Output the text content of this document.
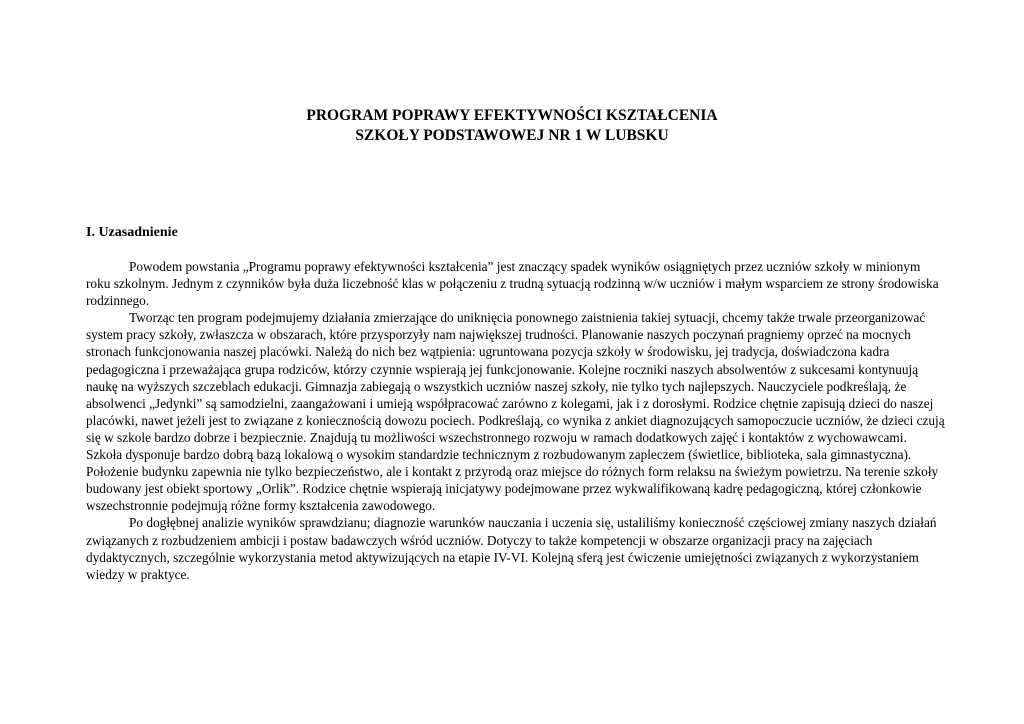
PROGRAM POPRAWY EFEKTYWNOŚCI KSZTAŁCENIA
SZKOŁY PODSTAWOWEJ NR 1 W LUBSKU
I. Uzasadnienie

Powodem powstania „Programu poprawy efektywności kształcenia” jest znaczący spadek wyników osiągniętych przez uczniów szkoły w minionym roku szkolnym. Jednym z czynników była duża liczebność klas w połączeniu z trudną sytuacją rodzinną w/w uczniów i małym wsparciem ze strony środowiska rodzinnego.

Tworząc ten program podejmujemy działania zmierzające do uniknięcia ponownego zaistnienia takiej sytuacji, chcemy także trwale przeorganizować system pracy szkoły, zwłaszcza w obszarach, które przysporzyły nam największej trudności. Planowanie naszych poczynań pragniemy oprzeć na mocnych stronach funkcjonowania naszej placówki. Należą do nich bez wątpienia: ugruntowana pozycja szkoły w środowisku, jej tradycja, doświadczona kadra pedagogiczna i przeważająca grupa rodziców, którzy czynnie wspierają jej funkcjonowanie. Kolejne roczniki naszych absolwentów z sukcesami kontynuują naukę na wyższych szczeblach edukacji. Gimnazja zabiegają o wszystkich uczniów naszej szkoły, nie tylko tych najlepszych. Nauczyciele podkreślają, że absolwenci „Jedynki” są samodzielni, zaangażowani i umieją współpracować zarówno z kolegami, jak i z dorosłymi. Rodzice chętnie zapisują dzieci do naszej placówki, nawet jeżeli jest to związane z koniecznością dowozu pociech. Podkreślają, co wynika z ankiet diagnozujących samopoczucie uczniów, że dzieci czują się w szkole bardzo dobrze i bezpiecznie. Znajdują tu możliwości wszechstronnego rozwoju w ramach dodatkowych zajęć i kontaktów z wychowawcami. Szkoła dysponuje bardzo dobrą bazą lokalową o wysokim standardzie technicznym z rozbudowanym zapleczem (świetlice, biblioteka, sala gimnastyczna). Położenie budynku zapewnia nie tylko bezpieczeństwo, ale i kontakt z przyrodą oraz miejsce do różnych form relaksu na świeżym powietrzu. Na terenie szkoły budowany jest obiekt sportowy „Orlik”. Rodzice chętnie wspierają inicjatywy podejmowane przez wykwalifikowaną kadrę pedagogiczną, której członkowie wszechstronnie podejmują różne formy kształcenia zawodowego.

Po dogłębnej analizie wyników sprawdzianu; diagnozie warunków nauczania i uczenia się, ustaliliśmy konieczność częściowej zmiany naszych działań związanych z rozbudzeniem ambicji i postaw badawczych wśród uczniów. Dotyczy to także kompetencji w obszarze organizacji pracy na zajęciach dydaktycznych, szczególnie wykorzystania metod aktywizujących na etapie IV-VI. Kolejną sferą jest ćwiczenie umiejętności związanych z wykorzystaniem wiedzy w praktyce.
